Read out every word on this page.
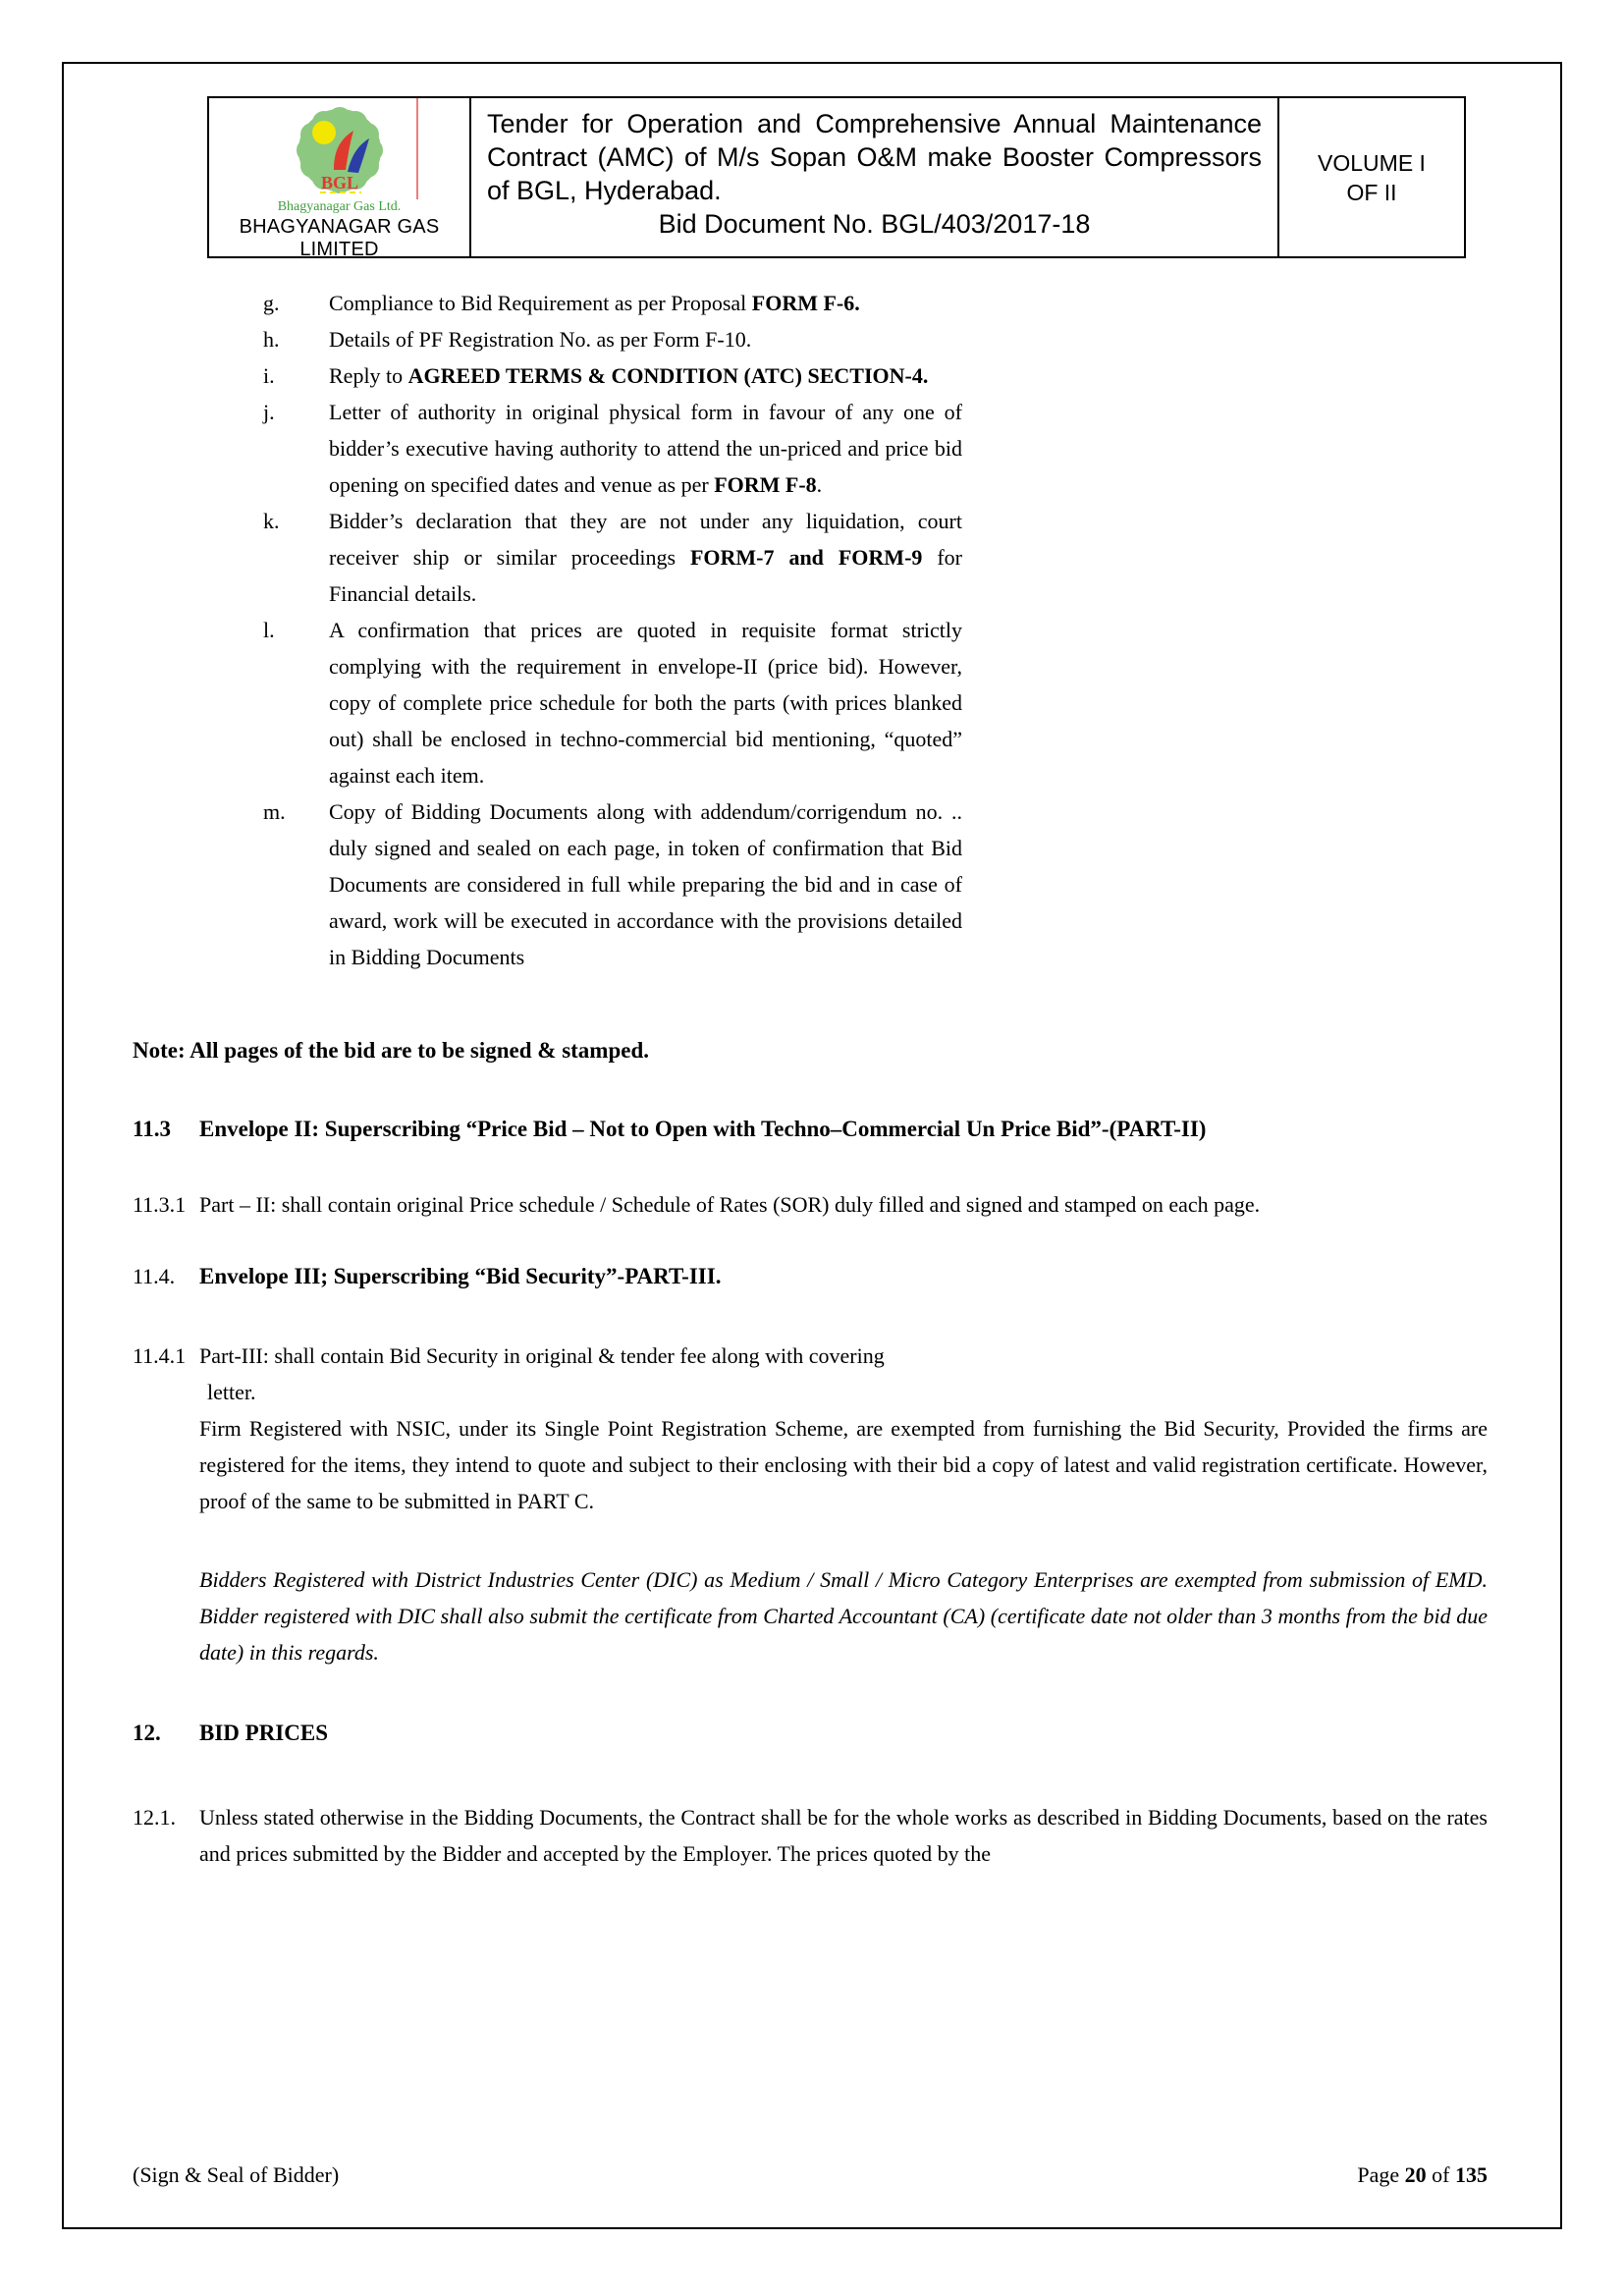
BGL
Bhagyanagar Gas Ltd.
BHAGYANAGAR GAS
LIMITED
Tender for Operation and Comprehensive Annual Maintenance Contract (AMC) of M/s Sopan O&M make Booster Compressors of BGL, Hyderabad.
Bid Document No. BGL/403/2017-18
VOLUME I
OF II
g.	Compliance to Bid Requirement as per Proposal FORM F-6.
h.	Details of PF Registration No. as per Form F-10.
i.	Reply to AGREED TERMS & CONDITION (ATC) SECTION-4.
j.	Letter of authority in original physical form in favour of any one of bidder’s executive having authority to attend the un-priced and price bid opening on specified dates and venue as per FORM F-8.
k.	Bidder’s declaration that they are not under any liquidation, court receiver ship or similar proceedings FORM-7 and FORM-9 for Financial details.
l.	A confirmation that prices are quoted in requisite format strictly complying with the requirement in envelope-II (price bid). However, copy of complete price schedule for both the parts (with prices blanked out) shall be enclosed in techno-commercial bid mentioning, “quoted” against each item.
m.	Copy of Bidding Documents along with addendum/corrigendum no. .. duly signed and sealed on each page, in token of confirmation that Bid Documents are considered in full while preparing the bid and in case of award, work will be executed in accordance with the provisions detailed in Bidding Documents
Note: All pages of the bid are to be signed & stamped.
11.3	Envelope II: Superscribing “Price Bid – Not to Open with Techno–Commercial Un Price Bid”-(PART-II)
11.3.1 Part – II: shall contain original Price schedule / Schedule of Rates (SOR) duly filled and signed and stamped on each page.
11.4.	Envelope III; Superscribing “Bid Security”-PART-III.
11.4.1 Part-III: shall contain Bid Security in original & tender fee along with covering
letter.
Firm Registered with NSIC, under its Single Point Registration Scheme, are exempted from furnishing the Bid Security, Provided the firms are registered for the items, they intend to quote and subject to their enclosing with their bid a copy of latest and valid registration certificate. However, proof of the same to be submitted in PART C.
Bidders Registered with District Industries Center (DIC) as Medium / Small / Micro Category Enterprises are exempted from submission of EMD. Bidder registered with DIC shall also submit the certificate from Charted Accountant (CA) (certificate date not older than 3 months from the bid due date) in this regards.
12.	BID PRICES
12.1.	Unless stated otherwise in the Bidding Documents, the Contract shall be for the whole works as described in Bidding Documents, based on the rates and prices submitted by the Bidder and accepted by the Employer. The prices quoted by the
(Sign & Seal of Bidder)	Page 20 of 135
